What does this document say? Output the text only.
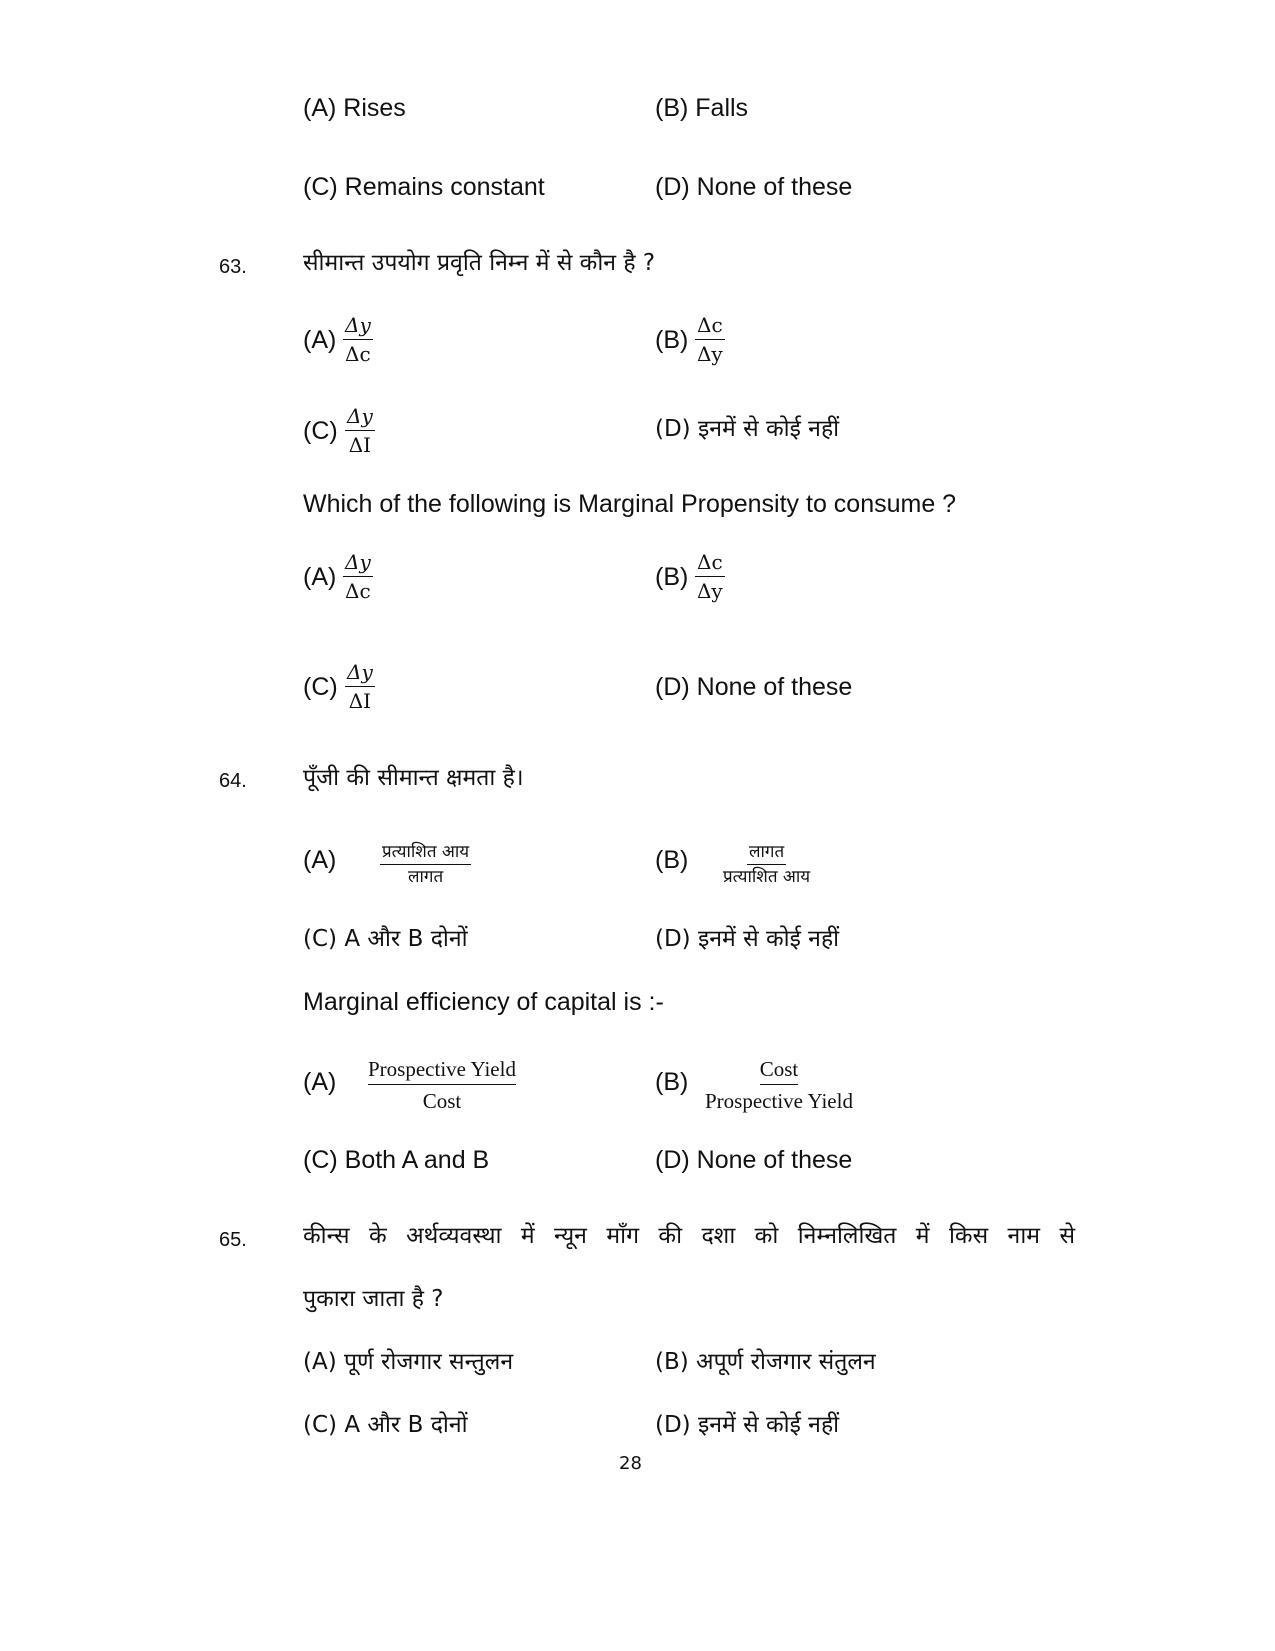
(A) Rises	(B) Falls
(C) Remains constant	(D) None of these
63. सीमान्त उपयोग प्रवृति निम्न में से कौन है ?
$(A) \frac{\Delta y}{\Delta c}$	$(B) \frac{\Delta c}{\Delta y}$
$(C) \frac{\Delta y}{\Delta I}$	(D) इनमें से कोई नहीं
Which of the following is Marginal Propensity to consume ?
$(A) \frac{\Delta y}{\Delta c}$	$(B) \frac{\Delta c}{\Delta y}$
$(C) \frac{\Delta y}{\Delta I}$	(D) None of these
64. पूँजी की सीमान्त क्षमता है।
(A)	प्रत्याशित आय
लागत
(B)	लागत
प्रत्याशित आय
(C) A और B दोनों	(D) इनमें से कोई नहीं
Marginal efficiency of capital is :-
(A) Prospective Yield
Cost
(B)	Cost
Prospective Yield
(C) Both A and B	(D) None of these
65. कीन्स के अर्थव्यवस्था में न्यून माँग की दशा को निम्नलिखित में किस नाम से
पुकारा जाता है ?
(A) पूर्ण रोजगार सन्तुलन	(B) अपूर्ण रोजगार संतुलन
(C) A और B दोनों	(D) इनमें से कोई नहीं
28
